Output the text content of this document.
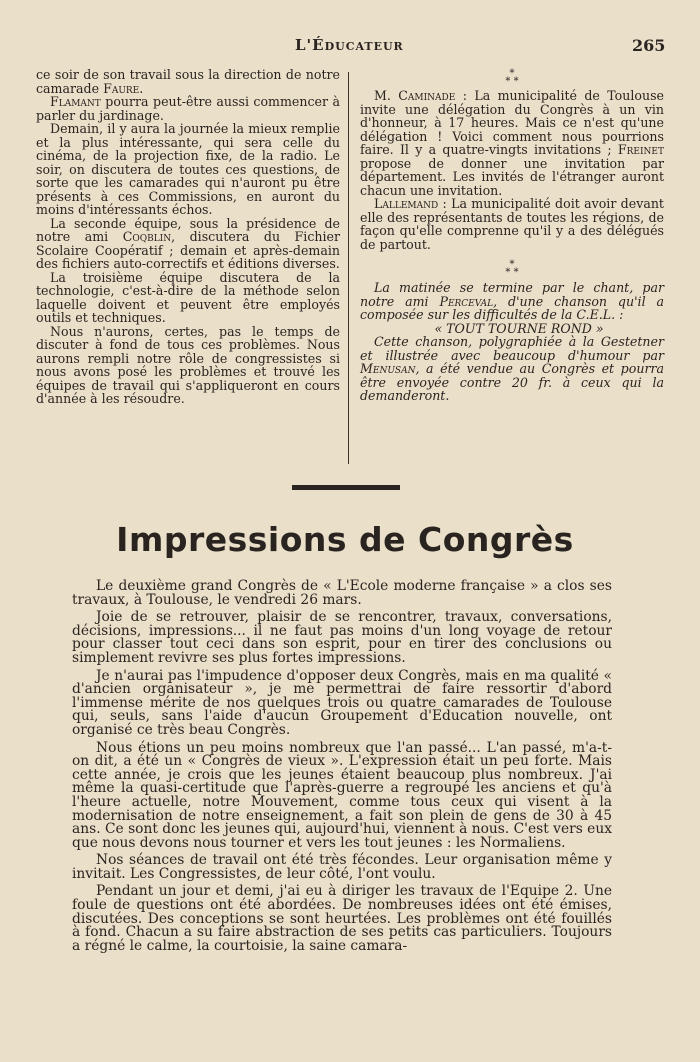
L'Éducateur	265

ce soir de son travail sous la direction de notre camarade Faure.

Flamant pourra peut-être aussi commencer à parler du jardinage.

Demain, il y aura la journée la mieux remplie et la plus intéressante, qui sera celle du cinéma, de la projection fixe, de la radio. Le soir, on discutera de toutes ces questions, de sorte que les camarades qui n'auront pu être présents à ces Commissions, en auront du moins d'intéressants échos.

La seconde équipe, sous la présidence de notre ami Coqblin, discutera du Fichier Scolaire Coopératif ; demain et après-demain des fichiers auto-correctifs et éditions diverses.

La troisième équipe discutera de la technologie, c'est-à-dire de la méthode selon laquelle doivent et peuvent être employés outils et techniques.

Nous n'aurons, certes, pas le temps de discuter à fond de tous ces problèmes. Nous aurons rempli notre rôle de congressistes si nous avons posé les problèmes et trouvé les équipes de travail qui s'appliqueront en cours d'année à les résoudre.

*
* *

M. Caminade : La municipalité de Toulouse invite une délégation du Congrès à un vin d'honneur, à 17 heures. Mais ce n'est qu'une délégation ! Voici comment nous pourrions faire. Il y a quatre-vingts invitations ; Freinet propose de donner une invitation par département. Les invités de l'étranger auront chacun une invitation.

Lallemand : La municipalité doit avoir devant elle des représentants de toutes les régions, de façon qu'elle comprenne qu'il y a des délégués de partout.

*
* *

La matinée se termine par le chant, par notre ami Perceval, d'une chanson qu'il a composée sur les difficultés de la C.E.L. :

« TOUT TOURNE ROND »

Cette chanson, polygraphiée à la Gestetner et illustrée avec beaucoup d'humour par Menusan, a été vendue au Congrès et pourra être envoyée contre 20 fr. à ceux qui la demanderont.

Impressions de Congrès

Le deuxième grand Congrès de « L'Ecole moderne française » a clos ses travaux, à Toulouse, le vendredi 26 mars.

Joie de se retrouver, plaisir de se rencontrer, travaux, conversations, décisions, impressions... il ne faut pas moins d'un long voyage de retour pour classer tout ceci dans son esprit, pour en tirer des conclusions ou simplement revivre ses plus fortes impressions.

Je n'aurai pas l'impudence d'opposer deux Congrès, mais en ma qualité « d'ancien organisateur », je me permettrai de faire ressortir d'abord l'immense mérite de nos quelques trois ou quatre camarades de Toulouse qui, seuls, sans l'aide d'aucun Groupement d'Education nouvelle, ont organisé ce très beau Congrès.

Nous étions un peu moins nombreux que l'an passé... L'an passé, m'a-t-on dit, a été un « Congrès de vieux ». L'expression était un peu forte. Mais cette année, je crois que les jeunes étaient beaucoup plus nombreux. J'ai même la quasi-certitude que l'après-guerre a regroupé les anciens et qu'à l'heure actuelle, notre Mouvement, comme tous ceux qui visent à la modernisation de notre enseignement, a fait son plein de gens de 30 à 45 ans. Ce sont donc les jeunes qui, aujourd'hui, viennent à nous. C'est vers eux que nous devons nous tourner et vers les tout jeunes : les Normaliens.

Nos séances de travail ont été très fécondes. Leur organisation même y invitait. Les Congressistes, de leur côté, l'ont voulu.

Pendant un jour et demi, j'ai eu à diriger les travaux de l'Equipe 2. Une foule de questions ont été abordées. De nombreuses idées ont été émises, discutées. Des conceptions se sont heurtées. Les problèmes ont été fouillés à fond. Chacun a su faire abstraction de ses petits cas particuliers. Toujours a régné le calme, la courtoisie, la saine camara-
